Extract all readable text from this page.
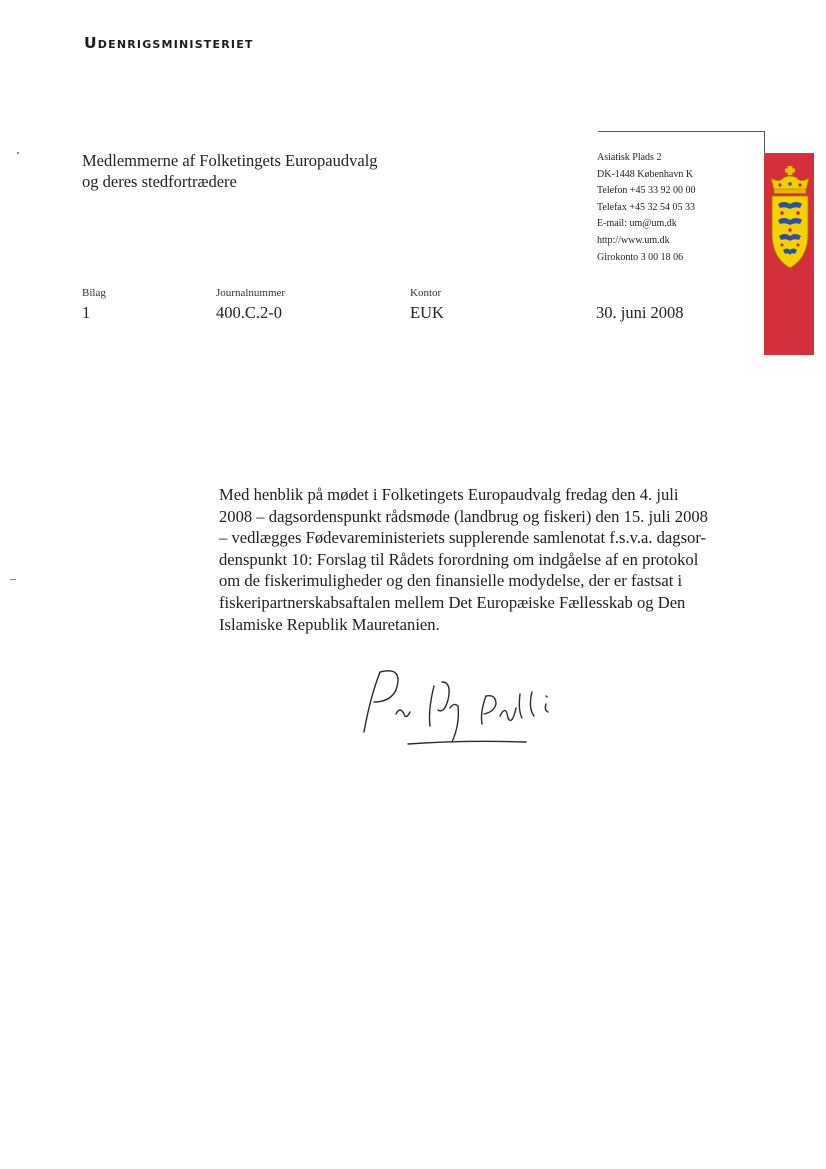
Udenrigsministeriet
Medlemmerne af Folketingets Europaudvalg
og deres stedfortrædere
Asiatisk Plads 2
DK-1448 København K
Telefon +45 33 92 00 00
Telefax +45 32 54 05 33
E-mail: um@um.dk
http://www.um.dk
Girokonto 3 00 18 06
Bilag	Journalnummer	Kontor
1	400.C.2-0	EUK	30. juni 2008
Med henblik på mødet i Folketingets Europaudvalg fredag den 4. juli
2008 – dagsordenspunkt rådsmøde (landbrug og fiskeri) den 15. juli 2008
– vedlægges Fødevareministeriets supplerende samlenotat f.s.v.a. dagsor-
denspunkt 10: Forslag til Rådets forordning om indgåelse af en protokol
om de fiskerimuligheder og den finansielle modydelse, der er fastsat i
fiskeripartnerskabsaftalen mellem Det Europæiske Fællesskab og Den
Islamiske Republik Mauretanien.
